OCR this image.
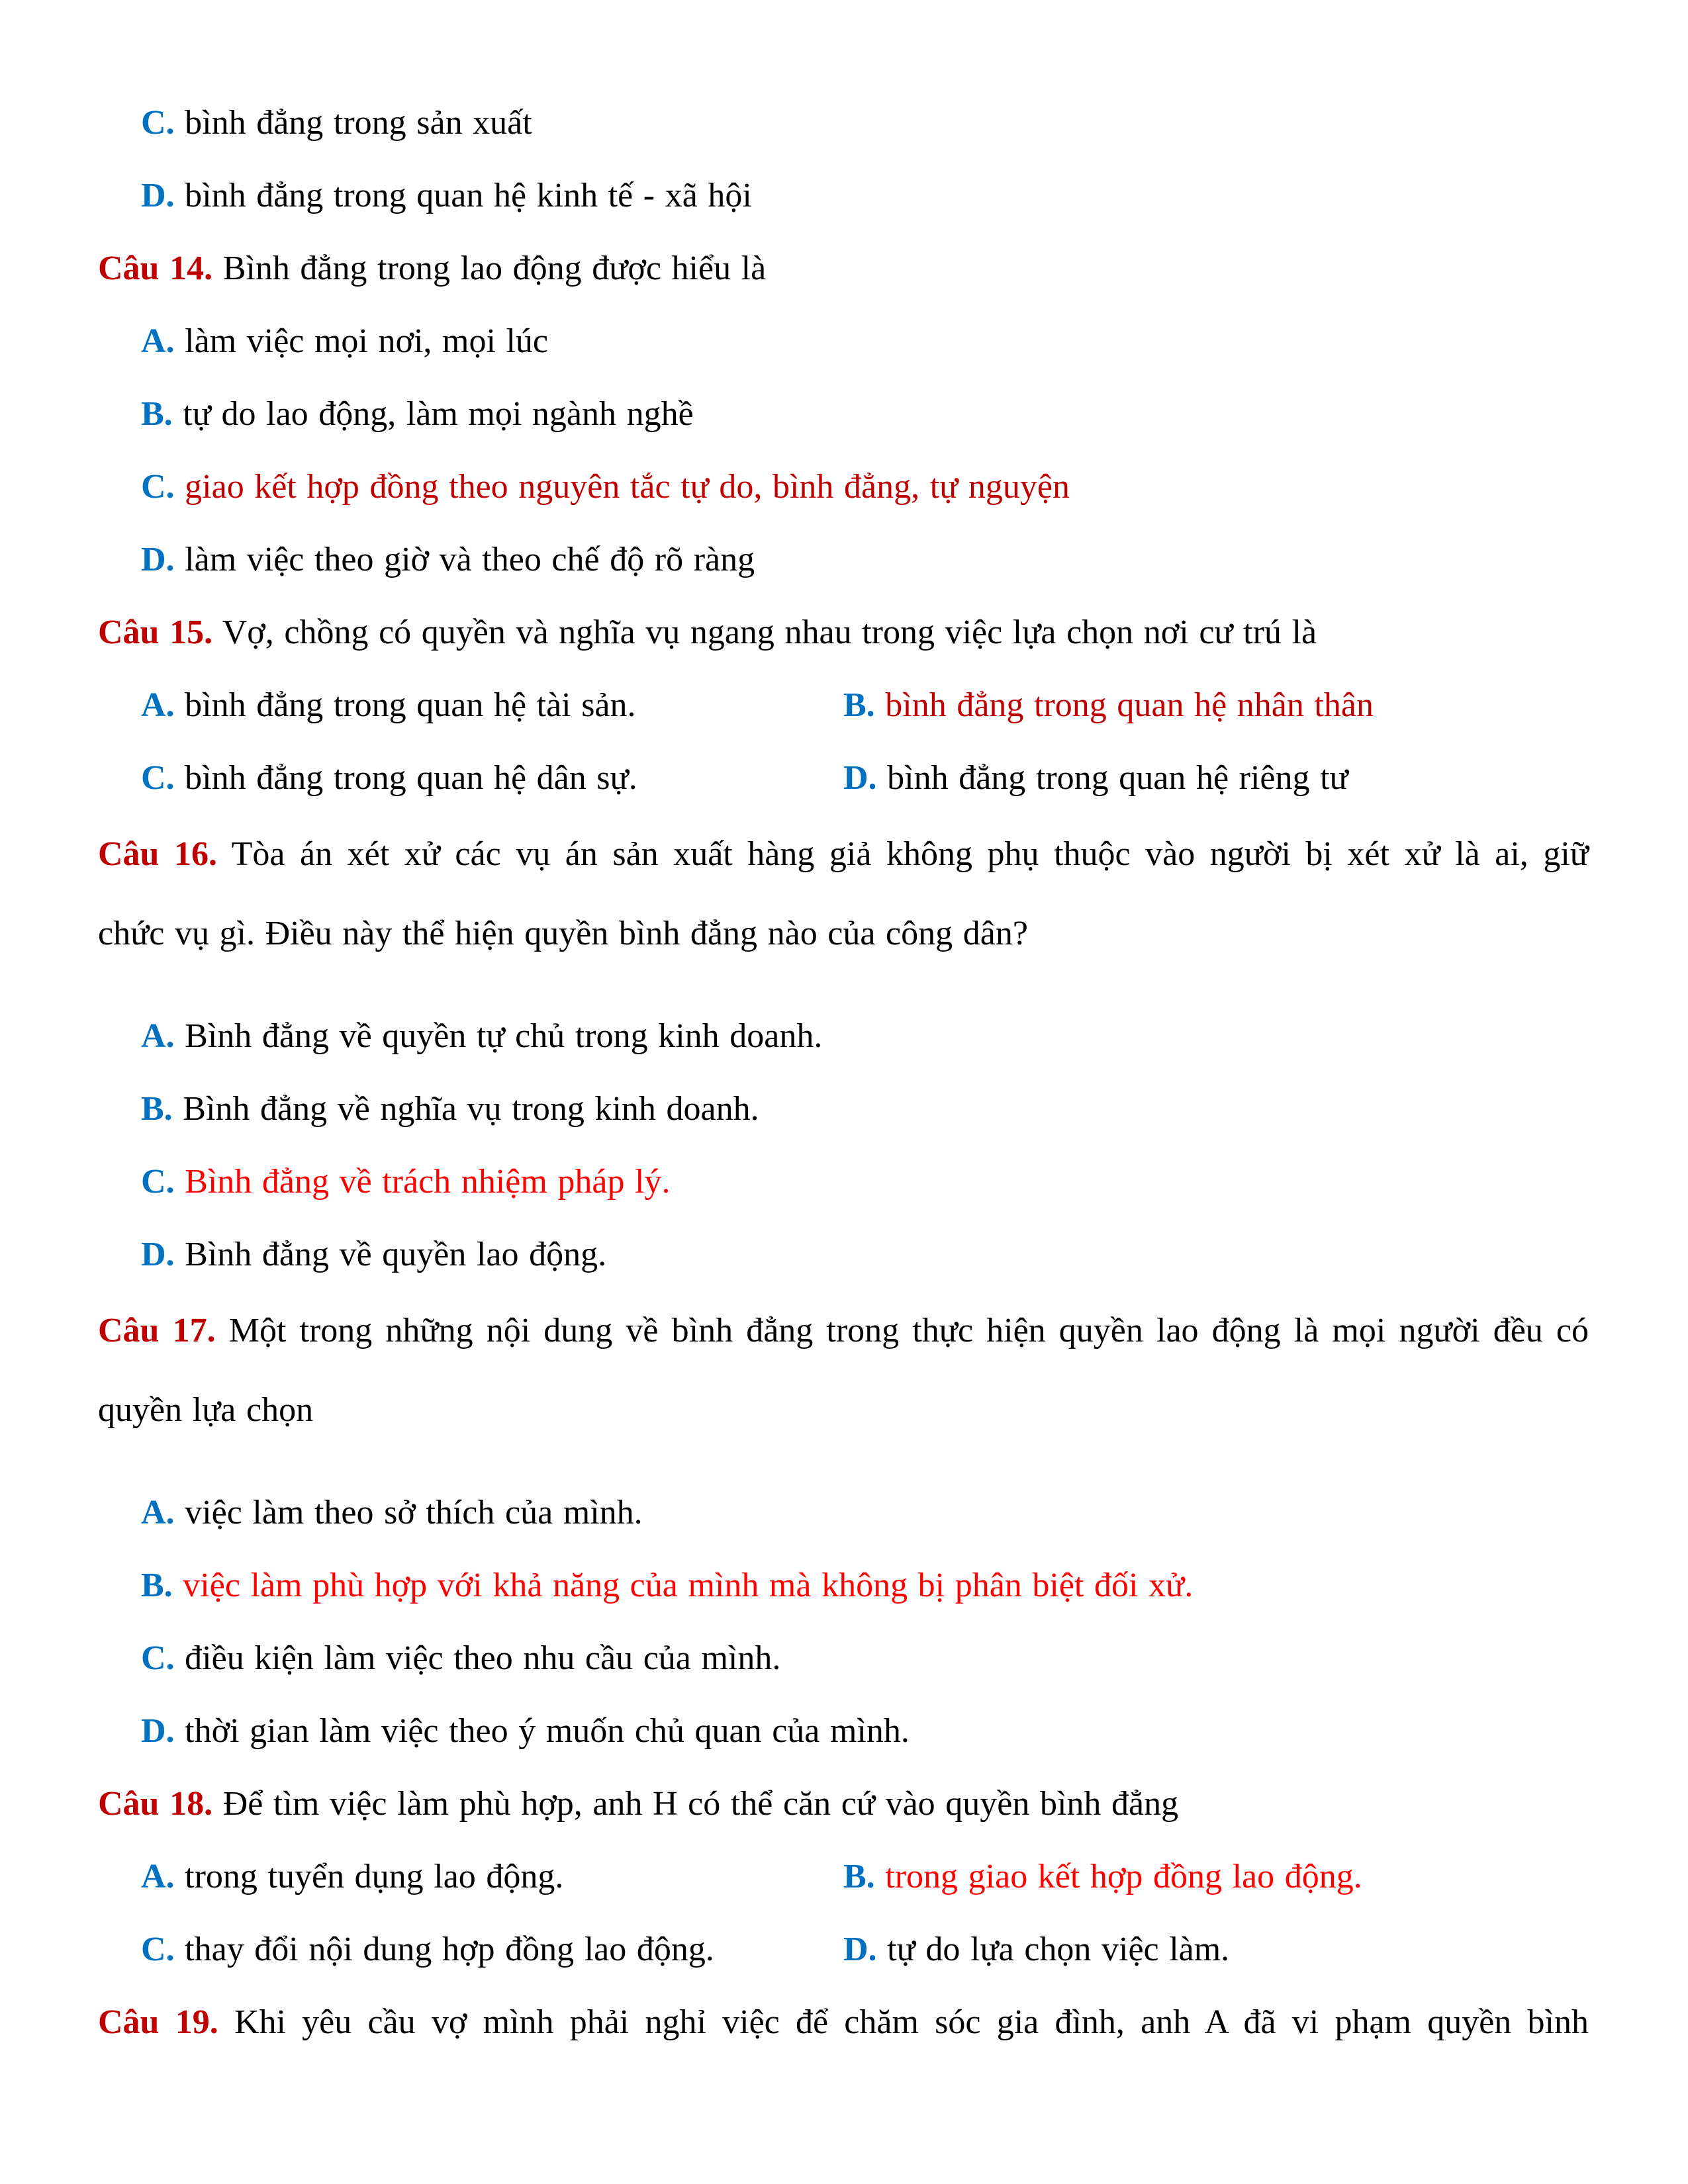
C. bình đẳng trong sản xuất
D. bình đẳng trong quan hệ kinh tế - xã hội
Câu 14. Bình đẳng trong lao động được hiểu là
A. làm việc mọi nơi, mọi lúc
B. tự do lao động, làm mọi ngành nghề
C. giao kết hợp đồng theo nguyên tắc tự do, bình đẳng, tự nguyện
D. làm việc theo giờ và theo chế độ rõ ràng
Câu 15. Vợ, chồng có quyền và nghĩa vụ ngang nhau trong việc lựa chọn nơi cư trú là
A. bình đẳng trong quan hệ tài sản.	B. bình đẳng trong quan hệ nhân thân
C. bình đẳng trong quan hệ dân sự.	D. bình đẳng trong quan hệ riêng tư
Câu 16. Tòa án xét xử các vụ án sản xuất hàng giả không phụ thuộc vào người bị xét xử là ai, giữ
chức vụ gì. Điều này thể hiện quyền bình đẳng nào của công dân?
A. Bình đẳng về quyền tự chủ trong kinh doanh.
B. Bình đẳng về nghĩa vụ trong kinh doanh.
C. Bình đẳng về trách nhiệm pháp lý.
D. Bình đẳng về quyền lao động.
Câu 17. Một trong những nội dung về bình đẳng trong thực hiện quyền lao động là mọi người đều có
quyền lựa chọn
A. việc làm theo sở thích của mình.
B. việc làm phù hợp với khả năng của mình mà không bị phân biệt đối xử.
C. điều kiện làm việc theo nhu cầu của mình.
D. thời gian làm việc theo ý muốn chủ quan của mình.
Câu 18. Để tìm việc làm phù hợp, anh H có thể căn cứ vào quyền bình đẳng
A. trong tuyển dụng lao động.	B. trong giao kết hợp đồng lao động.
C. thay đổi nội dung hợp đồng lao động.	D. tự do lựa chọn việc làm.
Câu 19. Khi yêu cầu vợ mình phải nghỉ việc để chăm sóc gia đình, anh A đã vi phạm quyền bình
